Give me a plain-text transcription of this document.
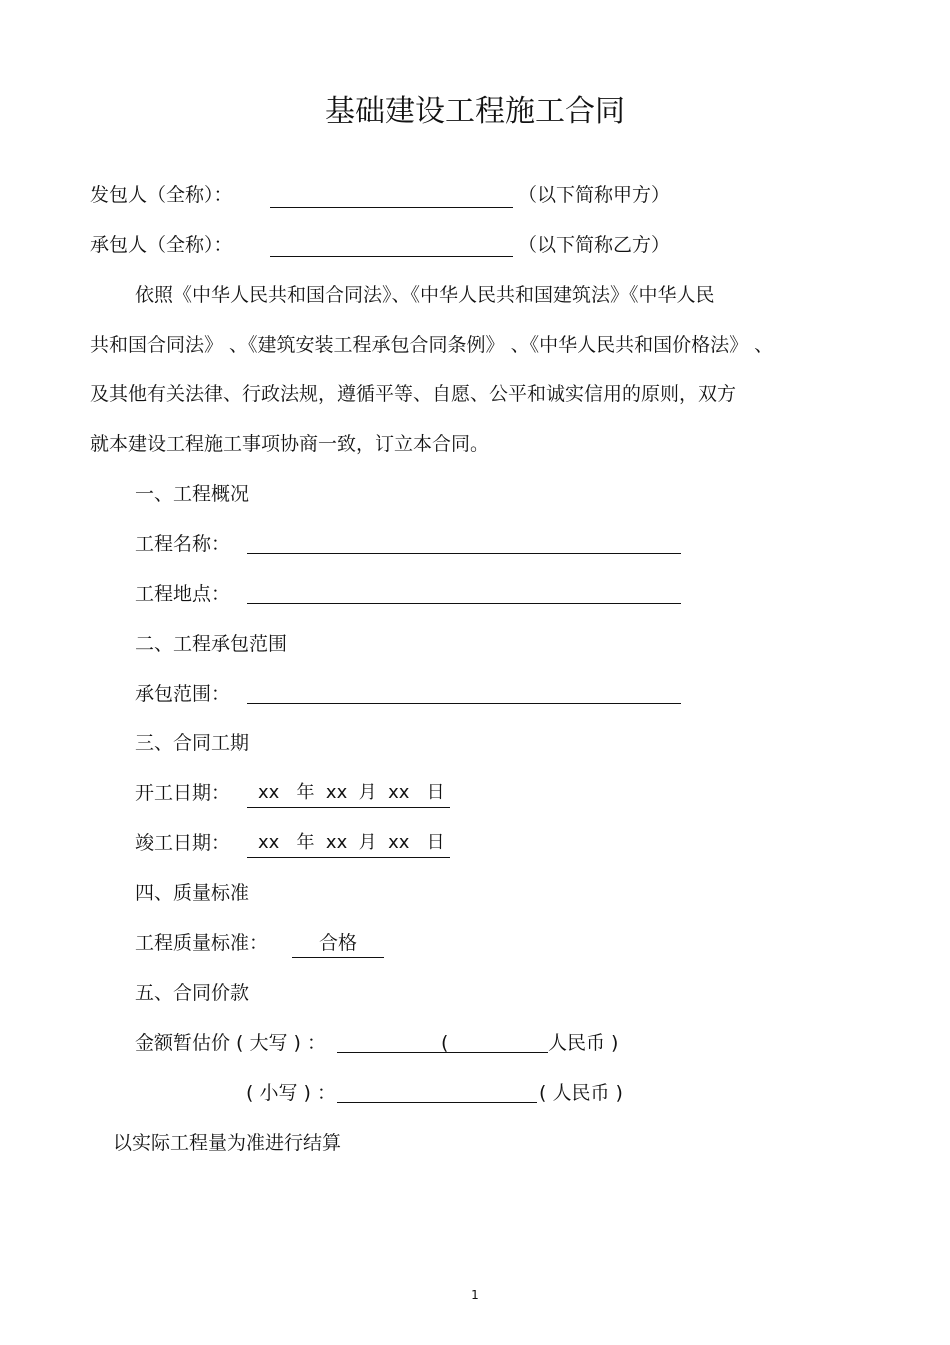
基础建设工程施工合同
发包人（全称）：	（以下简称甲方）
承包人（全称）：	（以下简称乙方）
依照《中华人民共和国合同法》、《中华人民共和国建筑法》《中华人民
共和国合同法》 、《建筑安装工程承包合同条例》 、《中华人民共和国价格法》 、
及其他有关法律、行政法规，遵循平等、自愿、公平和诚实信用的原则，双方
就本建设工程施工事项协商一致，订立本合同。
一、工程概况
工程名称：
工程地点：
二、工程承包范围
承包范围：
三、合同工期
开工日期：	xx   年  xx  月  xx   日
竣工日期：	xx   年  xx  月  xx   日
四、质量标准
工程质量标准：	合格
五、合同价款
金额暂估价 ( 大写 ) ：	(	人民币 )
( 小写 ) ：	( 人民币 )
以实际工程量为准进行结算
1
